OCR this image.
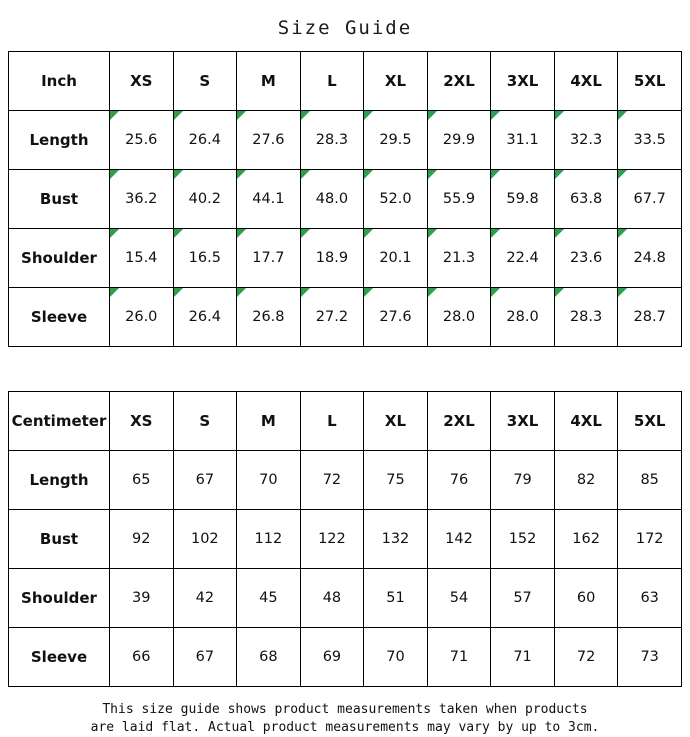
Size Guide
Inch	XS	S	M	L	XL	2XL	3XL	4XL	5XL
Length	25.6	26.4	27.6	28.3	29.5	29.9	31.1	32.3	33.5
Bust	36.2	40.2	44.1	48.0	52.0	55.9	59.8	63.8	67.7
Shoulder	15.4	16.5	17.7	18.9	20.1	21.3	22.4	23.6	24.8
Sleeve	26.0	26.4	26.8	27.2	27.6	28.0	28.0	28.3	28.7
Centimeter	XS	S	M	L	XL	2XL	3XL	4XL	5XL
Length	65	67	70	72	75	76	79	82	85
Bust	92	102	112	122	132	142	152	162	172
Shoulder	39	42	45	48	51	54	57	60	63
Sleeve	66	67	68	69	70	71	71	72	73
This size guide shows product measurements taken when products
are laid flat. Actual product measurements may vary by up to 3cm.
